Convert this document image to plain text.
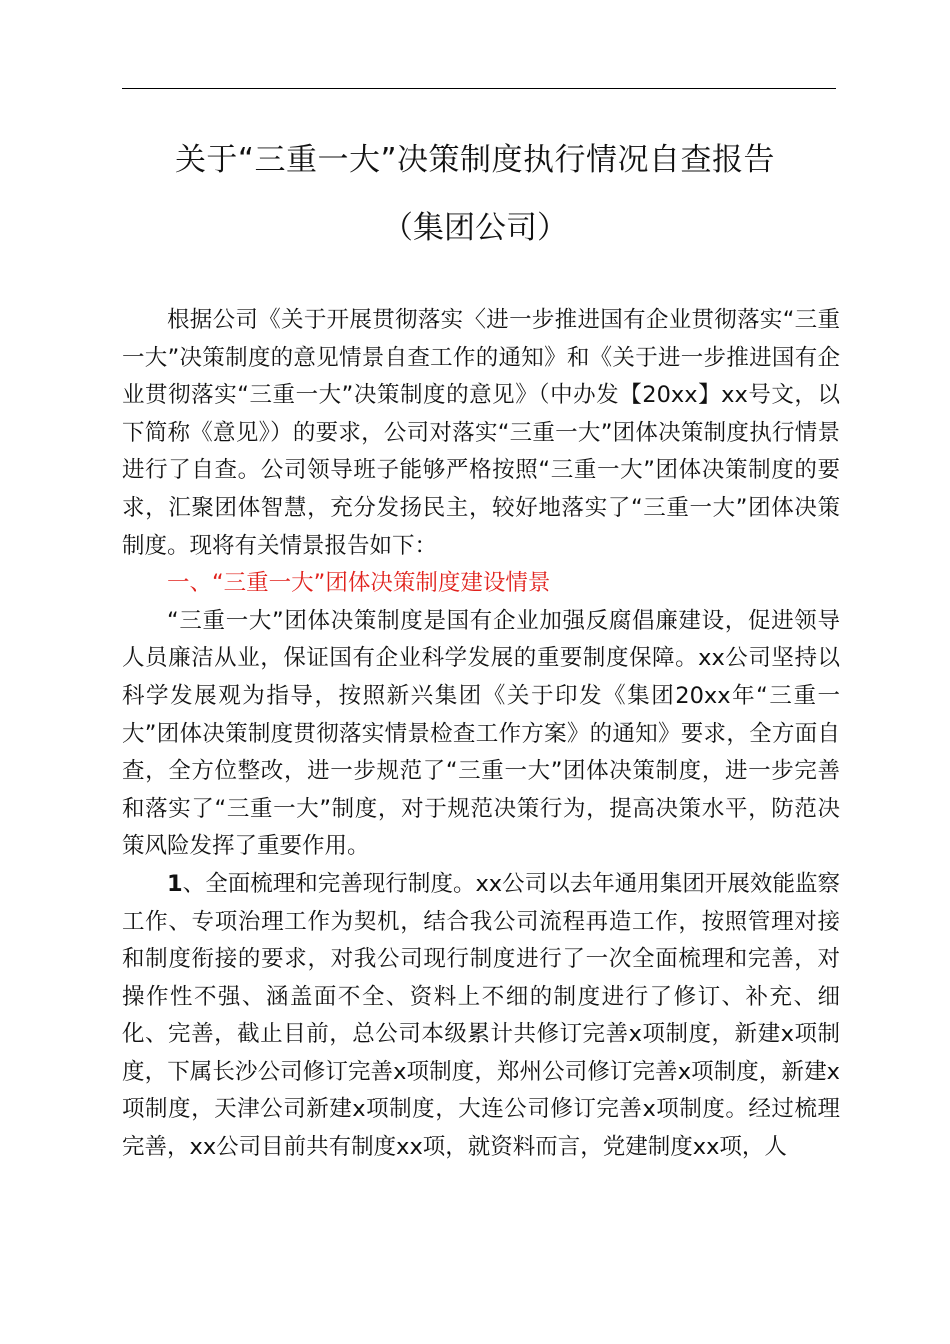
关于“三重一大”决策制度执行情况自查报告
（集团公司）

根据公司《关于开展贯彻落实〈进一步推进国有企业贯彻落实“三重一大”决策制度的意见情景自查工作的通知》和《关于进一步推进国有企业贯彻落实“三重一大”决策制度的意见》（中办发【20xx】xx号文，以下简称《意见》）的要求，公司对落实“三重一大”团体决策制度执行情景进行了自查。公司领导班子能够严格按照“三重一大”团体决策制度的要求，汇聚团体智慧，充分发扬民主，较好地落实了“三重一大”团体决策制度。现将有关情景报告如下：

一、“三重一大”团体决策制度建设情景

“三重一大”团体决策制度是国有企业加强反腐倡廉建设，促进领导人员廉洁从业，保证国有企业科学发展的重要制度保障。xx公司坚持以科学发展观为指导，按照新兴集团《关于印发《集团20xx年“三重一大”团体决策制度贯彻落实情景检查工作方案》的通知》要求，全方面自查，全方位整改，进一步规范了“三重一大”团体决策制度，进一步完善和落实了“三重一大”制度，对于规范决策行为，提高决策水平，防范决策风险发挥了重要作用。

1、全面梳理和完善现行制度。xx公司以去年通用集团开展效能监察工作、专项治理工作为契机，结合我公司流程再造工作，按照管理对接和制度衔接的要求，对我公司现行制度进行了一次全面梳理和完善，对操作性不强、涵盖面不全、资料上不细的制度进行了修订、补充、细化、完善，截止目前，总公司本级累计共修订完善x项制度，新建x项制度，下属长沙公司修订完善x项制度，郑州公司修订完善x项制度，新建x项制度，天津公司新建x项制度，大连公司修订完善x项制度。经过梳理完善，xx公司目前共有制度xx项，就资料而言，党建制度xx项，人
